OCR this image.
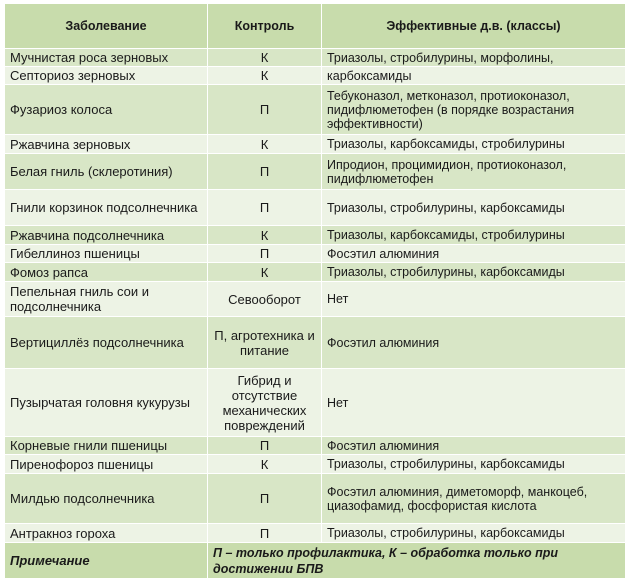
Заболевание	Контроль	Эффективные д.в. (классы)
Мучнистая роса зерновых	К	Триазолы, стробилурины, морфолины,
Септориоз зерновых	К	карбоксамиды
Фузариоз колоса	П	Тебуконазол, метконазол, протиоконазол, пидифлюметофен (в порядке возрастания эффективности)
Ржавчина зерновых	К	Триазолы, карбоксамиды, стробилурины
Белая гниль (склеротиния)	П	Ипродион, процимидион, протиоконазол, пидифлюметофен
Гнили корзинок подсолнечника	П	Триазолы, стробилурины, карбоксамиды
Ржавчина подсолнечника	К	Триазолы, карбоксамиды, стробилурины
Гибеллиноз пшеницы	П	Фосэтил алюминия
Фомоз рапса	К	Триазолы, стробилурины, карбоксамиды
Пепельная гниль сои и подсолнечника	Севооборот	Нет
Вертициллёз подсолнечника	П, агротехника и питание	Фосэтил алюминия
Пузырчатая головня кукурузы	Гибрид и отсутствие механических повреждений	Нет
Корневые гнили пшеницы	П	Фосэтил алюминия
Пиренофороз пшеницы	К	Триазолы, стробилурины, карбоксамиды
Милдью подсолнечника	П	Фосэтил алюминия, диметоморф, манкоцеб, циазофамид, фосфористая кислота
Антракноз гороха	П	Триазолы, стробилурины, карбоксамиды
Примечание	П – только профилактика, К – обработка только при достижении БПВ	
